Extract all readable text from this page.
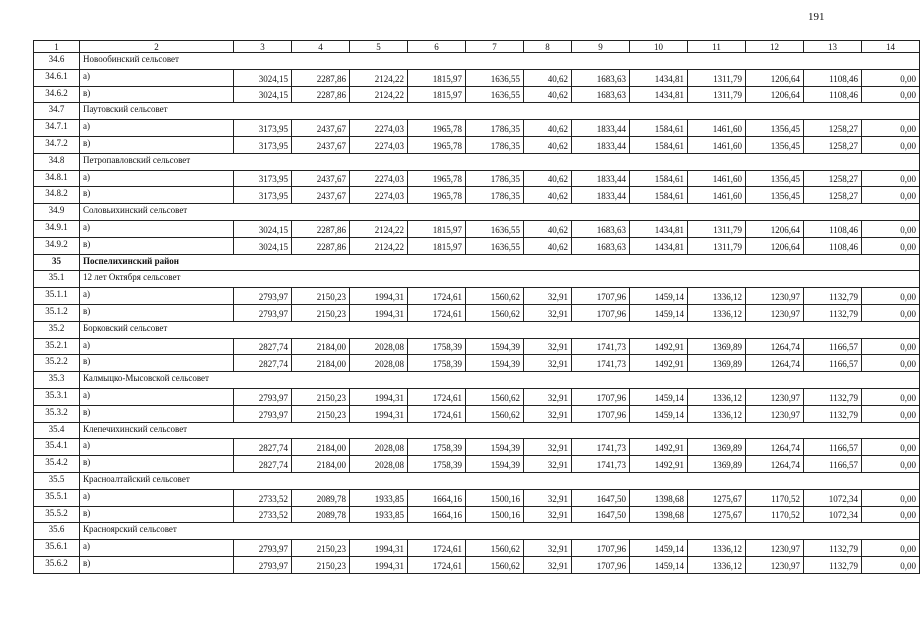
191
1	2	3	4	5	6	7	8	9	10	11	12	13	14
34.6	Новообинский сельсовет												
34.6.1	а)	3024,15	2287,86	2124,22	1815,97	1636,55	40,62	1683,63	1434,81	1311,79	1206,64	1108,46	0,00
34.6.2	в)	3024,15	2287,86	2124,22	1815,97	1636,55	40,62	1683,63	1434,81	1311,79	1206,64	1108,46	0,00
34.7	Паутовский сельсовет												
34.7.1	а)	3173,95	2437,67	2274,03	1965,78	1786,35	40,62	1833,44	1584,61	1461,60	1356,45	1258,27	0,00
34.7.2	в)	3173,95	2437,67	2274,03	1965,78	1786,35	40,62	1833,44	1584,61	1461,60	1356,45	1258,27	0,00
34.8	Петропавловский сельсовет												
34.8.1	а)	3173,95	2437,67	2274,03	1965,78	1786,35	40,62	1833,44	1584,61	1461,60	1356,45	1258,27	0,00
34.8.2	в)	3173,95	2437,67	2274,03	1965,78	1786,35	40,62	1833,44	1584,61	1461,60	1356,45	1258,27	0,00
34.9	Соловьихинский сельсовет												
34.9.1	а)	3024,15	2287,86	2124,22	1815,97	1636,55	40,62	1683,63	1434,81	1311,79	1206,64	1108,46	0,00
34.9.2	в)	3024,15	2287,86	2124,22	1815,97	1636,55	40,62	1683,63	1434,81	1311,79	1206,64	1108,46	0,00
35	Поспелихинский район												
35.1	12 лет Октября сельсовет												
35.1.1	а)	2793,97	2150,23	1994,31	1724,61	1560,62	32,91	1707,96	1459,14	1336,12	1230,97	1132,79	0,00
35.1.2	в)	2793,97	2150,23	1994,31	1724,61	1560,62	32,91	1707,96	1459,14	1336,12	1230,97	1132,79	0,00
35.2	Борковский сельсовет												
35.2.1	а)	2827,74	2184,00	2028,08	1758,39	1594,39	32,91	1741,73	1492,91	1369,89	1264,74	1166,57	0,00
35.2.2	в)	2827,74	2184,00	2028,08	1758,39	1594,39	32,91	1741,73	1492,91	1369,89	1264,74	1166,57	0,00
35.3	Калмыцко-Мысовской сельсовет												
35.3.1	а)	2793,97	2150,23	1994,31	1724,61	1560,62	32,91	1707,96	1459,14	1336,12	1230,97	1132,79	0,00
35.3.2	в)	2793,97	2150,23	1994,31	1724,61	1560,62	32,91	1707,96	1459,14	1336,12	1230,97	1132,79	0,00
35.4	Клепечихинский сельсовет												
35.4.1	а)	2827,74	2184,00	2028,08	1758,39	1594,39	32,91	1741,73	1492,91	1369,89	1264,74	1166,57	0,00
35.4.2	в)	2827,74	2184,00	2028,08	1758,39	1594,39	32,91	1741,73	1492,91	1369,89	1264,74	1166,57	0,00
35.5	Красноалтайский сельсовет												
35.5.1	а)	2733,52	2089,78	1933,85	1664,16	1500,16	32,91	1647,50	1398,68	1275,67	1170,52	1072,34	0,00
35.5.2	в)	2733,52	2089,78	1933,85	1664,16	1500,16	32,91	1647,50	1398,68	1275,67	1170,52	1072,34	0,00
35.6	Красноярский сельсовет												
35.6.1	а)	2793,97	2150,23	1994,31	1724,61	1560,62	32,91	1707,96	1459,14	1336,12	1230,97	1132,79	0,00
35.6.2	в)	2793,97	2150,23	1994,31	1724,61	1560,62	32,91	1707,96	1459,14	1336,12	1230,97	1132,79	0,00
